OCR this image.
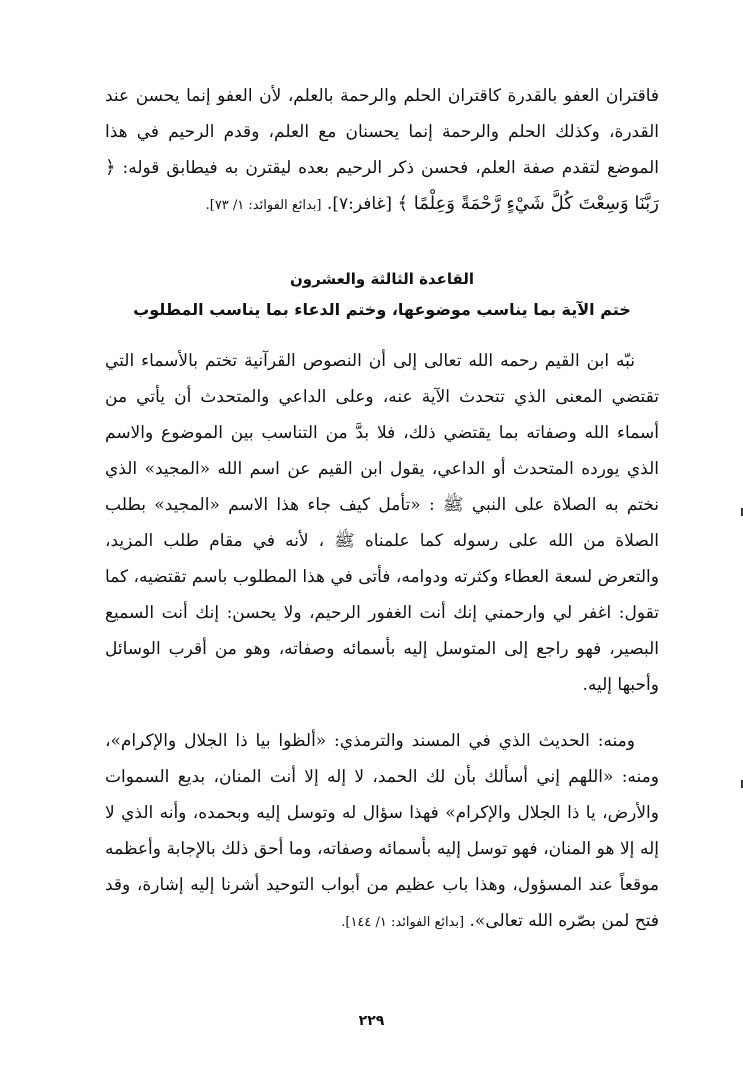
فاقتران العفو بالقدرة كاقتران الحلم والرحمة بالعلم، لأن العفو إنما يحسن عند القدرة، وكذلك الحلم والرحمة إنما يحسنان مع العلم، وقدم الرحيم في هذا الموضع لتقدم صفة العلم، فحسن ذكر الرحيم بعده ليقترن به فيطابق قوله: ﴿ رَبَّنَا وَسِعْتَ كُلَّ شَيْءٍ رَّحْمَةً وَعِلْمًا ﴾ [غافر:٧]. [بدائع الفوائد: ١/ ٧٣].

القاعدة الثالثة والعشرون
ختم الآية بما يناسب موضوعها، وختم الدعاء بما يناسب المطلوب

نبّه ابن القيم رحمه الله تعالى إلى أن النصوص القرآنية تختم بالأسماء التي تقتضي المعنى الذي تتحدث الآية عنه، وعلى الداعي والمتحدث أن يأتي من أسماء الله وصفاته بما يقتضي ذلك، فلا بدَّ من التناسب بين الموضوع والاسم الذي يورده المتحدث أو الداعي، يقول ابن القيم عن اسم الله «المجيد» الذي نختم به الصلاة على النبي ﷺ : «تأمل كيف جاء هذا الاسم «المجيد» بطلب الصلاة من الله على رسوله كما علمناه ﷺ ، لأنه في مقام طلب المزيد، والتعرض لسعة العطاء وكثرته ودوامه، فأتى في هذا المطلوب باسم تقتضيه، كما تقول: اغفر لي وارحمني إنك أنت الغفور الرحيم، ولا يحسن: إنك أنت السميع البصير، فهو راجع إلى المتوسل إليه بأسمائه وصفاته، وهو من أقرب الوسائل وأحبها إليه.

ومنه: الحديث الذي في المسند والترمذي: «ألظوا بيا ذا الجلال والإكرام»، ومنه: «اللهم إني أسألك بأن لك الحمد، لا إله إلا أنت المنان، بديع السموات والأرض، يا ذا الجلال والإكرام» فهذا سؤال له وتوسل إليه وبحمده، وأنه الذي لا إله إلا هو المنان، فهو توسل إليه بأسمائه وصفاته، وما أحق ذلك بالإجابة وأعظمه موقعاً عند المسؤول، وهذا باب عظيم من أبواب التوحيد أشرنا إليه إشارة، وقد فتح لمن بصّره الله تعالى». [بدائع الفوائد: ١/ ١٤٤].

٢٢٩
